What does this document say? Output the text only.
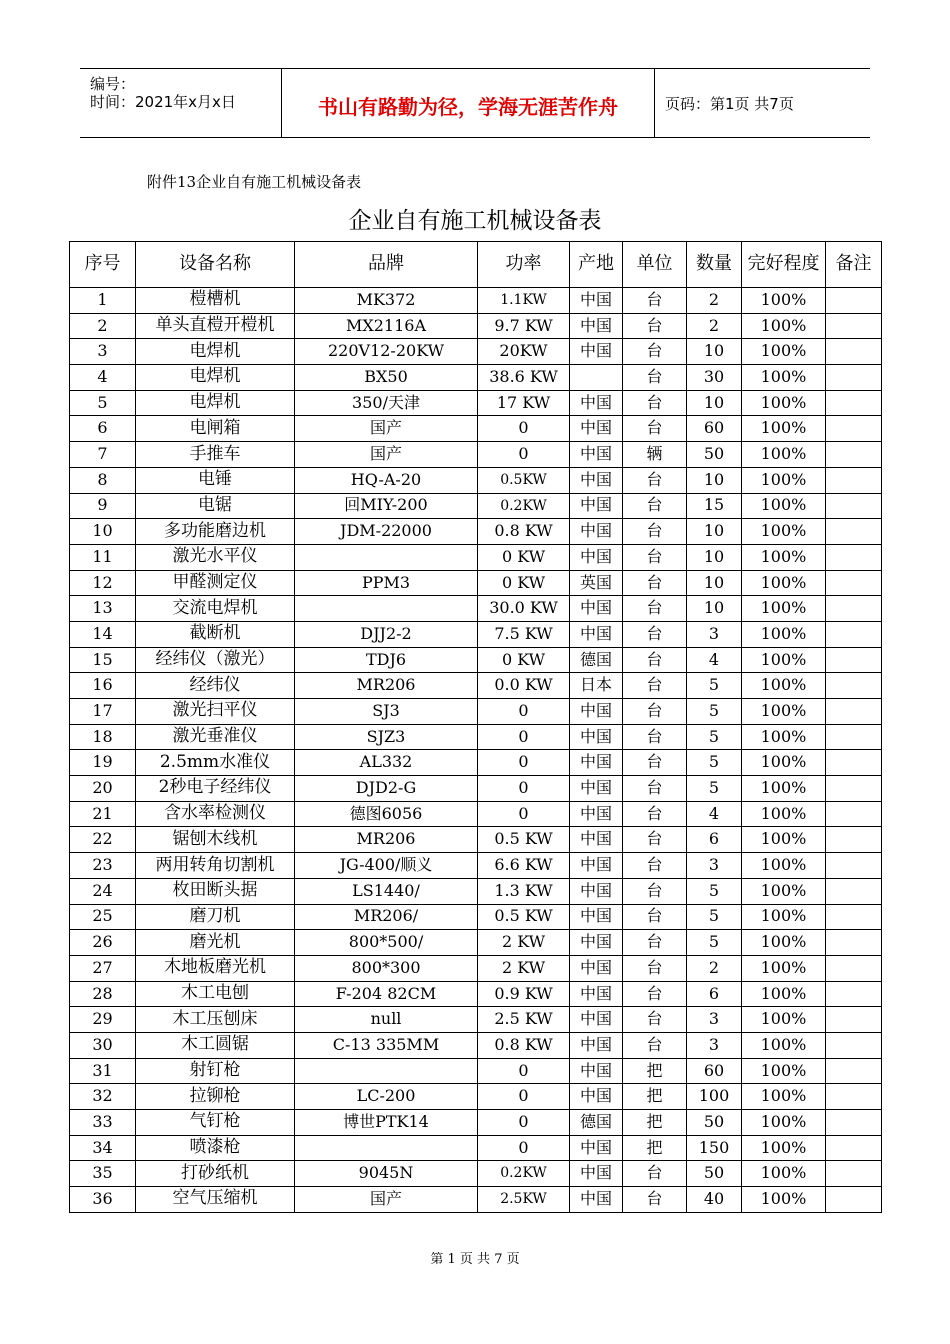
编号：
时间：2021年x月x日	书山有路勤为径，学海无涯苦作舟	页码：第1页 共7页
附件13企业自有施工机械设备表
企业自有施工机械设备表
序号	设备名称	品牌	功率	产地	单位	数量	完好程度	备注
1	榿槽机	MK372	1.1KW	中国	台	2	100%	
2	单头直榿开榿机	MX2116A	9.7 KW	中国	台	2	100%	
3	电焊机	220V12-20KW	20KW	中国	台	10	100%	
4	电焊机	BX50	38.6 KW		台	30	100%	
5	电焊机	350/天津	17 KW	中国	台	10	100%	
6	电闸箱	国产	0	中国	台	60	100%	
7	手推车	国产	0	中国	辆	50	100%	
8	电锤	HQ-A-20	0.5KW	中国	台	10	100%	
9	电锯	回MIY-200	0.2KW	中国	台	15	100%	
10	多功能磨边机	JDM-22000	0.8 KW	中国	台	10	100%	
11	激光水平仪		0 KW	中国	台	10	100%	
12	甲醛测定仪	PPM3	0 KW	英国	台	10	100%	
13	交流电焊机		30.0 KW	中国	台	10	100%	
14	截断机	DJJ2-2	7.5 KW	中国	台	3	100%	
15	经纬仪（激光）	TDJ6	0 KW	德国	台	4	100%	
16	经纬仪	MR206	0.0 KW	日本	台	5	100%	
17	激光扫平仪	SJ3	0	中国	台	5	100%	
18	激光垂准仪	SJZ3	0	中国	台	5	100%	
19	2.5mm水准仪	AL332	0	中国	台	5	100%	
20	2秒电子经纬仪	DJD2-G	0	中国	台	5	100%	
21	含水率检测仪	德图6056	0	中国	台	4	100%	
22	锯刨木线机	MR206	0.5 KW	中国	台	6	100%	
23	两用转角切割机	JG-400/顺义	6.6 KW	中国	台	3	100%	
24	枚田断头据	LS1440/	1.3 KW	中国	台	5	100%	
25	磨刀机	MR206/	0.5 KW	中国	台	5	100%	
26	磨光机	800*500/	2 KW	中国	台	5	100%	
27	木地板磨光机	800*300	2 KW	中国	台	2	100%	
28	木工电刨	F-204 82CM	0.9 KW	中国	台	6	100%	
29	木工压刨床	null	2.5 KW	中国	台	3	100%	
30	木工圆锯	C-13 335MM	0.8 KW	中国	台	3	100%	
31	射钉枪		0	中国	把	60	100%	
32	拉铆枪	LC-200	0	中国	把	100	100%	
33	气钉枪	博世PTK14	0	德国	把	50	100%	
34	喷漆枪		0	中国	把	150	100%	
35	打砂纸机	9045N	0.2KW	中国	台	50	100%	
36	空气压缩机	国产	2.5KW	中国	台	40	100%	
第 1 页 共 7 页
